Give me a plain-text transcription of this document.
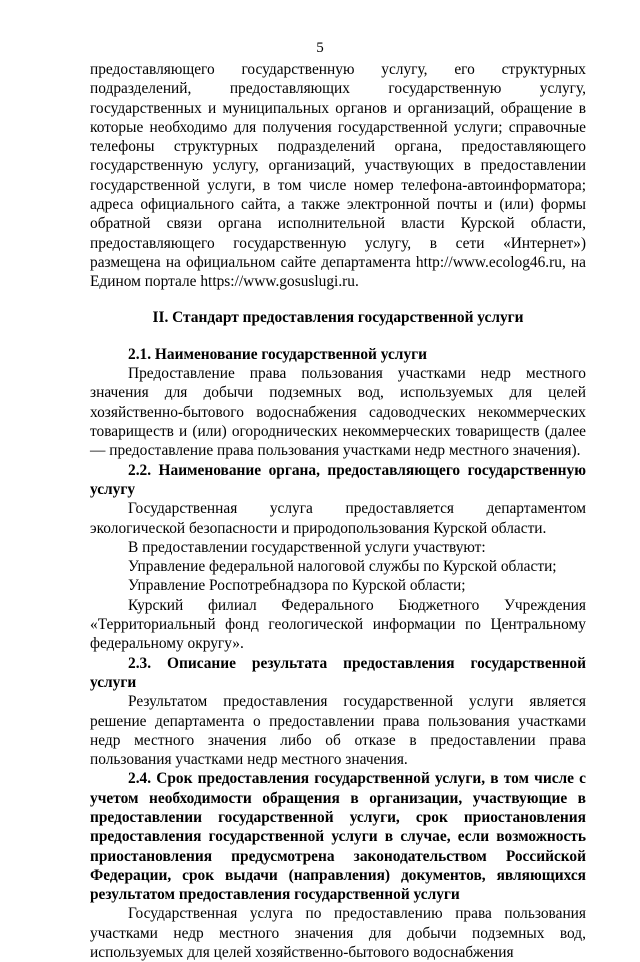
5

предоставляющего государственную услугу, его структурных подразделений, предоставляющих государственную услугу, государственных и муниципальных органов и организаций, обращение в которые необходимо для получения государственной услуги; справочные телефоны структурных подразделений органа, предоставляющего государственную услугу, организаций, участвующих в предоставлении государственной услуги, в том числе номер телефона-автоинформатора; адреса официального сайта, а также электронной почты и (или) формы обратной связи органа исполнительной власти Курской области, предоставляющего государственную услугу, в сети «Интернет») размещена на официальном сайте департамента http://www.ecolog46.ru, на Едином портале https://www.gosuslugi.ru.

II. Стандарт предоставления государственной услуги

2.1. Наименование государственной услуги

Предоставление права пользования участками недр местного значения для добычи подземных вод, используемых для целей хозяйственно-бытового водоснабжения садоводческих некоммерческих товариществ и (или) огороднических некоммерческих товариществ (далее — предоставление права пользования участками недр местного значения).

2.2. Наименование органа, предоставляющего государственную услугу

Государственная услуга предоставляется департаментом экологической безопасности и природопользования Курской области.

В предоставлении государственной услуги участвуют:

Управление федеральной налоговой службы по Курской области;

Управление Роспотребнадзора по Курской области;

Курский филиал Федерального Бюджетного Учреждения «Территориальный фонд геологической информации по Центральному федеральному округу».

2.3. Описание результата предоставления государственной услуги

Результатом предоставления государственной услуги является решение департамента о предоставлении права пользования участками недр местного значения либо об отказе в предоставлении права пользования участками недр местного значения.

2.4. Срок предоставления государственной услуги, в том числе с учетом необходимости обращения в организации, участвующие в предоставлении государственной услуги, срок приостановления предоставления государственной услуги в случае, если возможность приостановления предусмотрена законодательством Российской Федерации, срок выдачи (направления) документов, являющихся результатом предоставления государственной услуги

Государственная услуга по предоставлению права пользования участками недр местного значения для добычи подземных вод, используемых для целей хозяйственно-бытового водоснабжения
